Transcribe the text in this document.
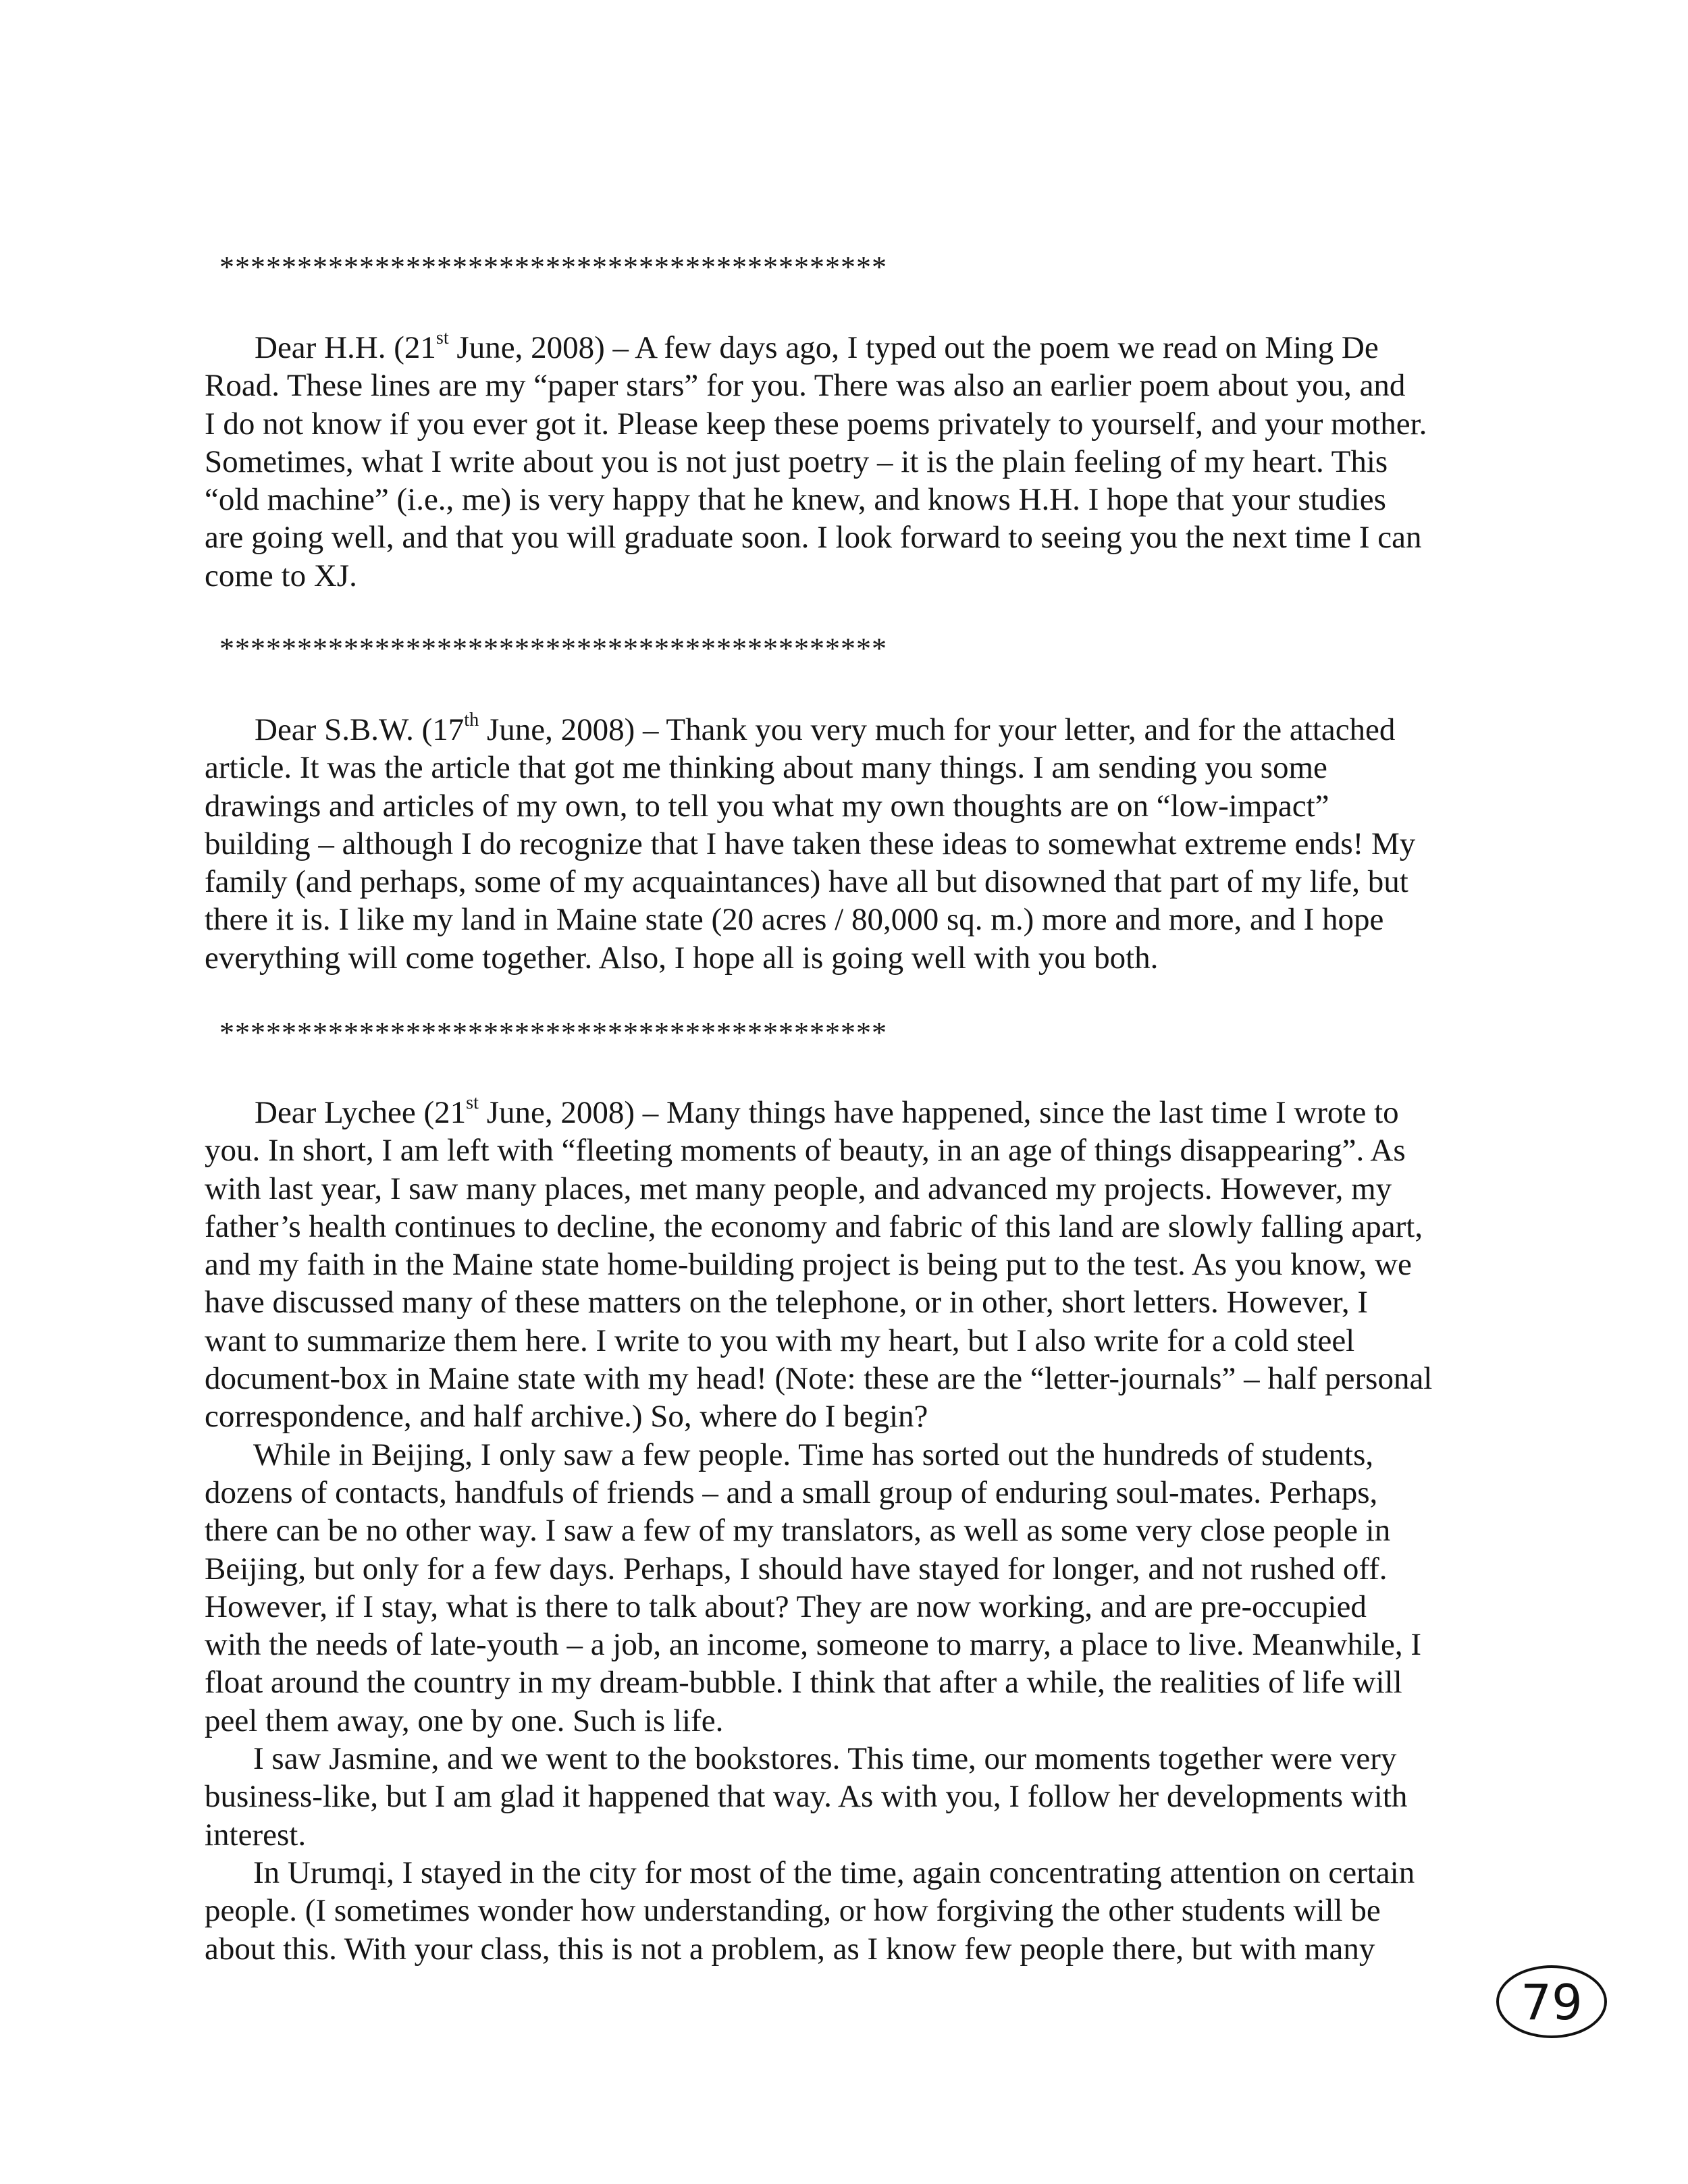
*******************************************

Dear H.H. (21st June, 2008) – A few days ago, I typed out the poem we read on Ming De
Road. These lines are my “paper stars” for you. There was also an earlier poem about you, and
I do not know if you ever got it. Please keep these poems privately to yourself, and your mother.
Sometimes, what I write about you is not just poetry – it is the plain feeling of my heart. This
“old machine” (i.e., me) is very happy that he knew, and knows H.H. I hope that your studies
are going well, and that you will graduate soon. I look forward to seeing you the next time I can
come to XJ.

*******************************************

Dear S.B.W. (17th June, 2008) – Thank you very much for your letter, and for the attached
article. It was the article that got me thinking about many things. I am sending you some
drawings and articles of my own, to tell you what my own thoughts are on “low-impact”
building – although I do recognize that I have taken these ideas to somewhat extreme ends! My
family (and perhaps, some of my acquaintances) have all but disowned that part of my life, but
there it is. I like my land in Maine state (20 acres / 80,000 sq. m.) more and more, and I hope
everything will come together. Also, I hope all is going well with you both.

*******************************************

Dear Lychee (21st June, 2008) – Many things have happened, since the last time I wrote to
you. In short, I am left with “fleeting moments of beauty, in an age of things disappearing”. As
with last year, I saw many places, met many people, and advanced my projects. However, my
father’s health continues to decline, the economy and fabric of this land are slowly falling apart,
and my faith in the Maine state home-building project is being put to the test. As you know, we
have discussed many of these matters on the telephone, or in other, short letters. However, I
want to summarize them here. I write to you with my heart, but I also write for a cold steel
document-box in Maine state with my head! (Note: these are the “letter-journals” – half personal
correspondence, and half archive.) So, where do I begin?

While in Beijing, I only saw a few people. Time has sorted out the hundreds of students,
dozens of contacts, handfuls of friends – and a small group of enduring soul-mates. Perhaps,
there can be no other way. I saw a few of my translators, as well as some very close people in
Beijing, but only for a few days. Perhaps, I should have stayed for longer, and not rushed off.
However, if I stay, what is there to talk about? They are now working, and are pre-occupied
with the needs of late-youth – a job, an income, someone to marry, a place to live. Meanwhile, I
float around the country in my dream-bubble. I think that after a while, the realities of life will
peel them away, one by one. Such is life.

I saw Jasmine, and we went to the bookstores. This time, our moments together were very
business-like, but I am glad it happened that way. As with you, I follow her developments with
interest.

In Urumqi, I stayed in the city for most of the time, again concentrating attention on certain
people. (I sometimes wonder how understanding, or how forgiving the other students will be
about this. With your class, this is not a problem, as I know few people there, but with many

79
